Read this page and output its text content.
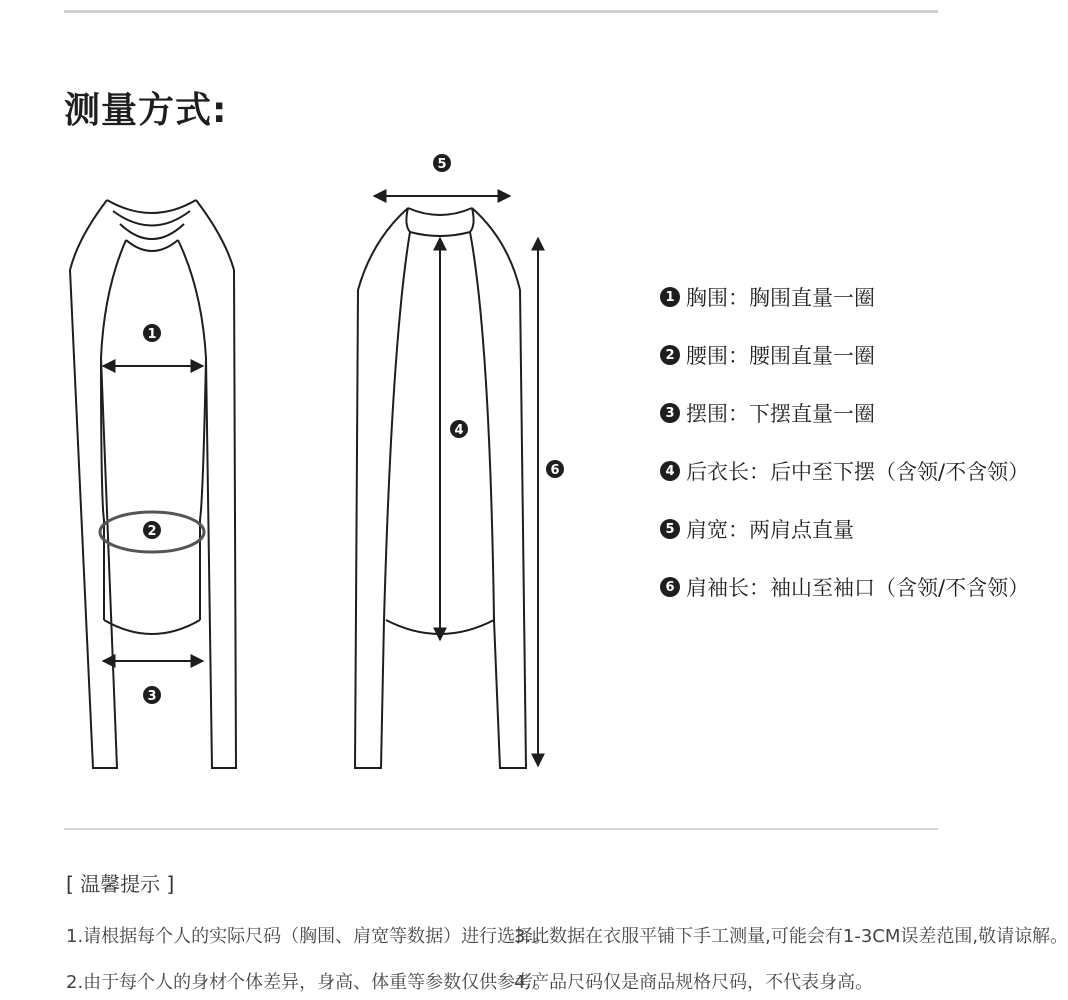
测量方式:
1
2
3
4
5
6
1 胸围：胸围直量一圈
2 腰围：腰围直量一圈
3 摆围：下摆直量一圈
4 后衣长：后中至下摆（含领/不含领）
5 肩宽：两肩点直量
6 肩袖长：袖山至袖口（含领/不含领）
[ 温馨提示 ]
1.请根据每个人的实际尺码（胸围、肩宽等数据）进行选择。
2.由于每个人的身材个体差异，身高、体重等参数仅供参考。
3.此数据在衣服平铺下手工测量,可能会有1-3CM误差范围,敬请谅解。
4.产品尺码仅是商品规格尺码，不代表身高。
